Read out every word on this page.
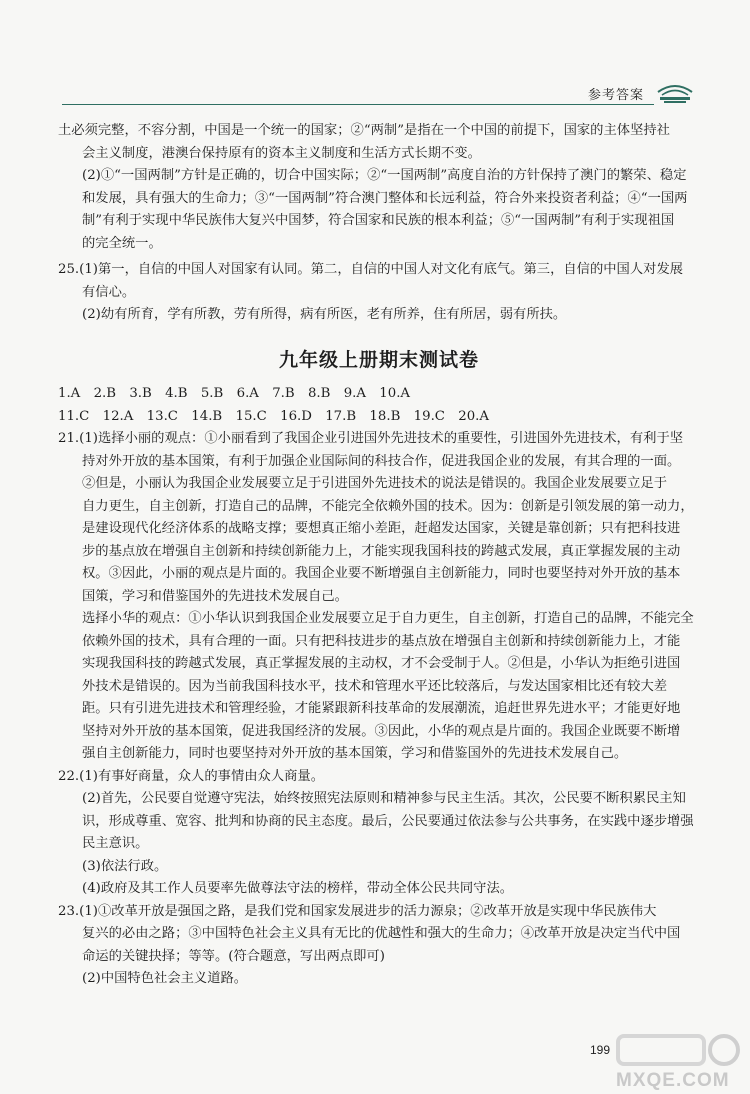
参考答案

土必须完整，不容分割，中国是一个统一的国家；②“两制”是指在一个中国的前提下，国家的主体坚持社

会主义制度，港澳台保持原有的资本主义制度和生活方式长期不变。

(2)①“一国两制”方针是正确的，切合中国实际；②“一国两制”高度自治的方针保持了澳门的繁荣、稳定

和发展，具有强大的生命力；③“一国两制”符合澳门整体和长远利益，符合外来投资者利益；④“一国两

制”有利于实现中华民族伟大复兴中国梦，符合国家和民族的根本利益；⑤“一国两制”有利于实现祖国

的完全统一。

25.(1)第一，自信的中国人对国家有认同。第二，自信的中国人对文化有底气。第三，自信的中国人对发展

有信心。

(2)幼有所育，学有所教，劳有所得，病有所医，老有所养，住有所居，弱有所扶。

九年级上册期末测试卷

1.A　2.B　3.B　4.B　5.B　6.A　7.B　8.B　9.A　10.A

11.C　12.A　13.C　14.B　15.C　16.D　17.B　18.B　19.C　20.A

21.(1)选择小丽的观点：①小丽看到了我国企业引进国外先进技术的重要性，引进国外先进技术，有利于坚

持对外开放的基本国策，有利于加强企业国际间的科技合作，促进我国企业的发展，有其合理的一面。

②但是，小丽认为我国企业发展要立足于引进国外先进技术的说法是错误的。我国企业发展要立足于

自力更生，自主创新，打造自己的品牌，不能完全依赖外国的技术。因为：创新是引领发展的第一动力，

是建设现代化经济体系的战略支撑；要想真正缩小差距，赶超发达国家，关键是靠创新；只有把科技进

步的基点放在增强自主创新和持续创新能力上，才能实现我国科技的跨越式发展，真正掌握发展的主动

权。③因此，小丽的观点是片面的。我国企业要不断增强自主创新能力，同时也要坚持对外开放的基本

国策，学习和借鉴国外的先进技术发展自己。

选择小华的观点：①小华认识到我国企业发展要立足于自力更生，自主创新，打造自己的品牌，不能完全

依赖外国的技术，具有合理的一面。只有把科技进步的基点放在增强自主创新和持续创新能力上，才能

实现我国科技的跨越式发展，真正掌握发展的主动权，才不会受制于人。②但是，小华认为拒绝引进国

外技术是错误的。因为当前我国科技水平，技术和管理水平还比较落后，与发达国家相比还有较大差

距。只有引进先进技术和管理经验，才能紧跟新科技革命的发展潮流，追赶世界先进水平；才能更好地

坚持对外开放的基本国策，促进我国经济的发展。③因此，小华的观点是片面的。我国企业既要不断增

强自主创新能力，同时也要坚持对外开放的基本国策，学习和借鉴国外的先进技术发展自己。

22.(1)有事好商量，众人的事情由众人商量。

(2)首先，公民要自觉遵守宪法，始终按照宪法原则和精神参与民主生活。其次，公民要不断积累民主知

识，形成尊重、宽容、批判和协商的民主态度。最后，公民要通过依法参与公共事务，在实践中逐步增强

民主意识。

(3)依法行政。

(4)政府及其工作人员要率先做尊法守法的榜样，带动全体公民共同守法。

23.(1)①改革开放是强国之路，是我们党和国家发展进步的活力源泉；②改革开放是实现中华民族伟大

复兴的必由之路；③中国特色社会主义具有无比的优越性和强大的生命力；④改革开放是决定当代中国

命运的关键抉择；等等。(符合题意，写出两点即可)

(2)中国特色社会主义道路。

199
MXQE.COM
